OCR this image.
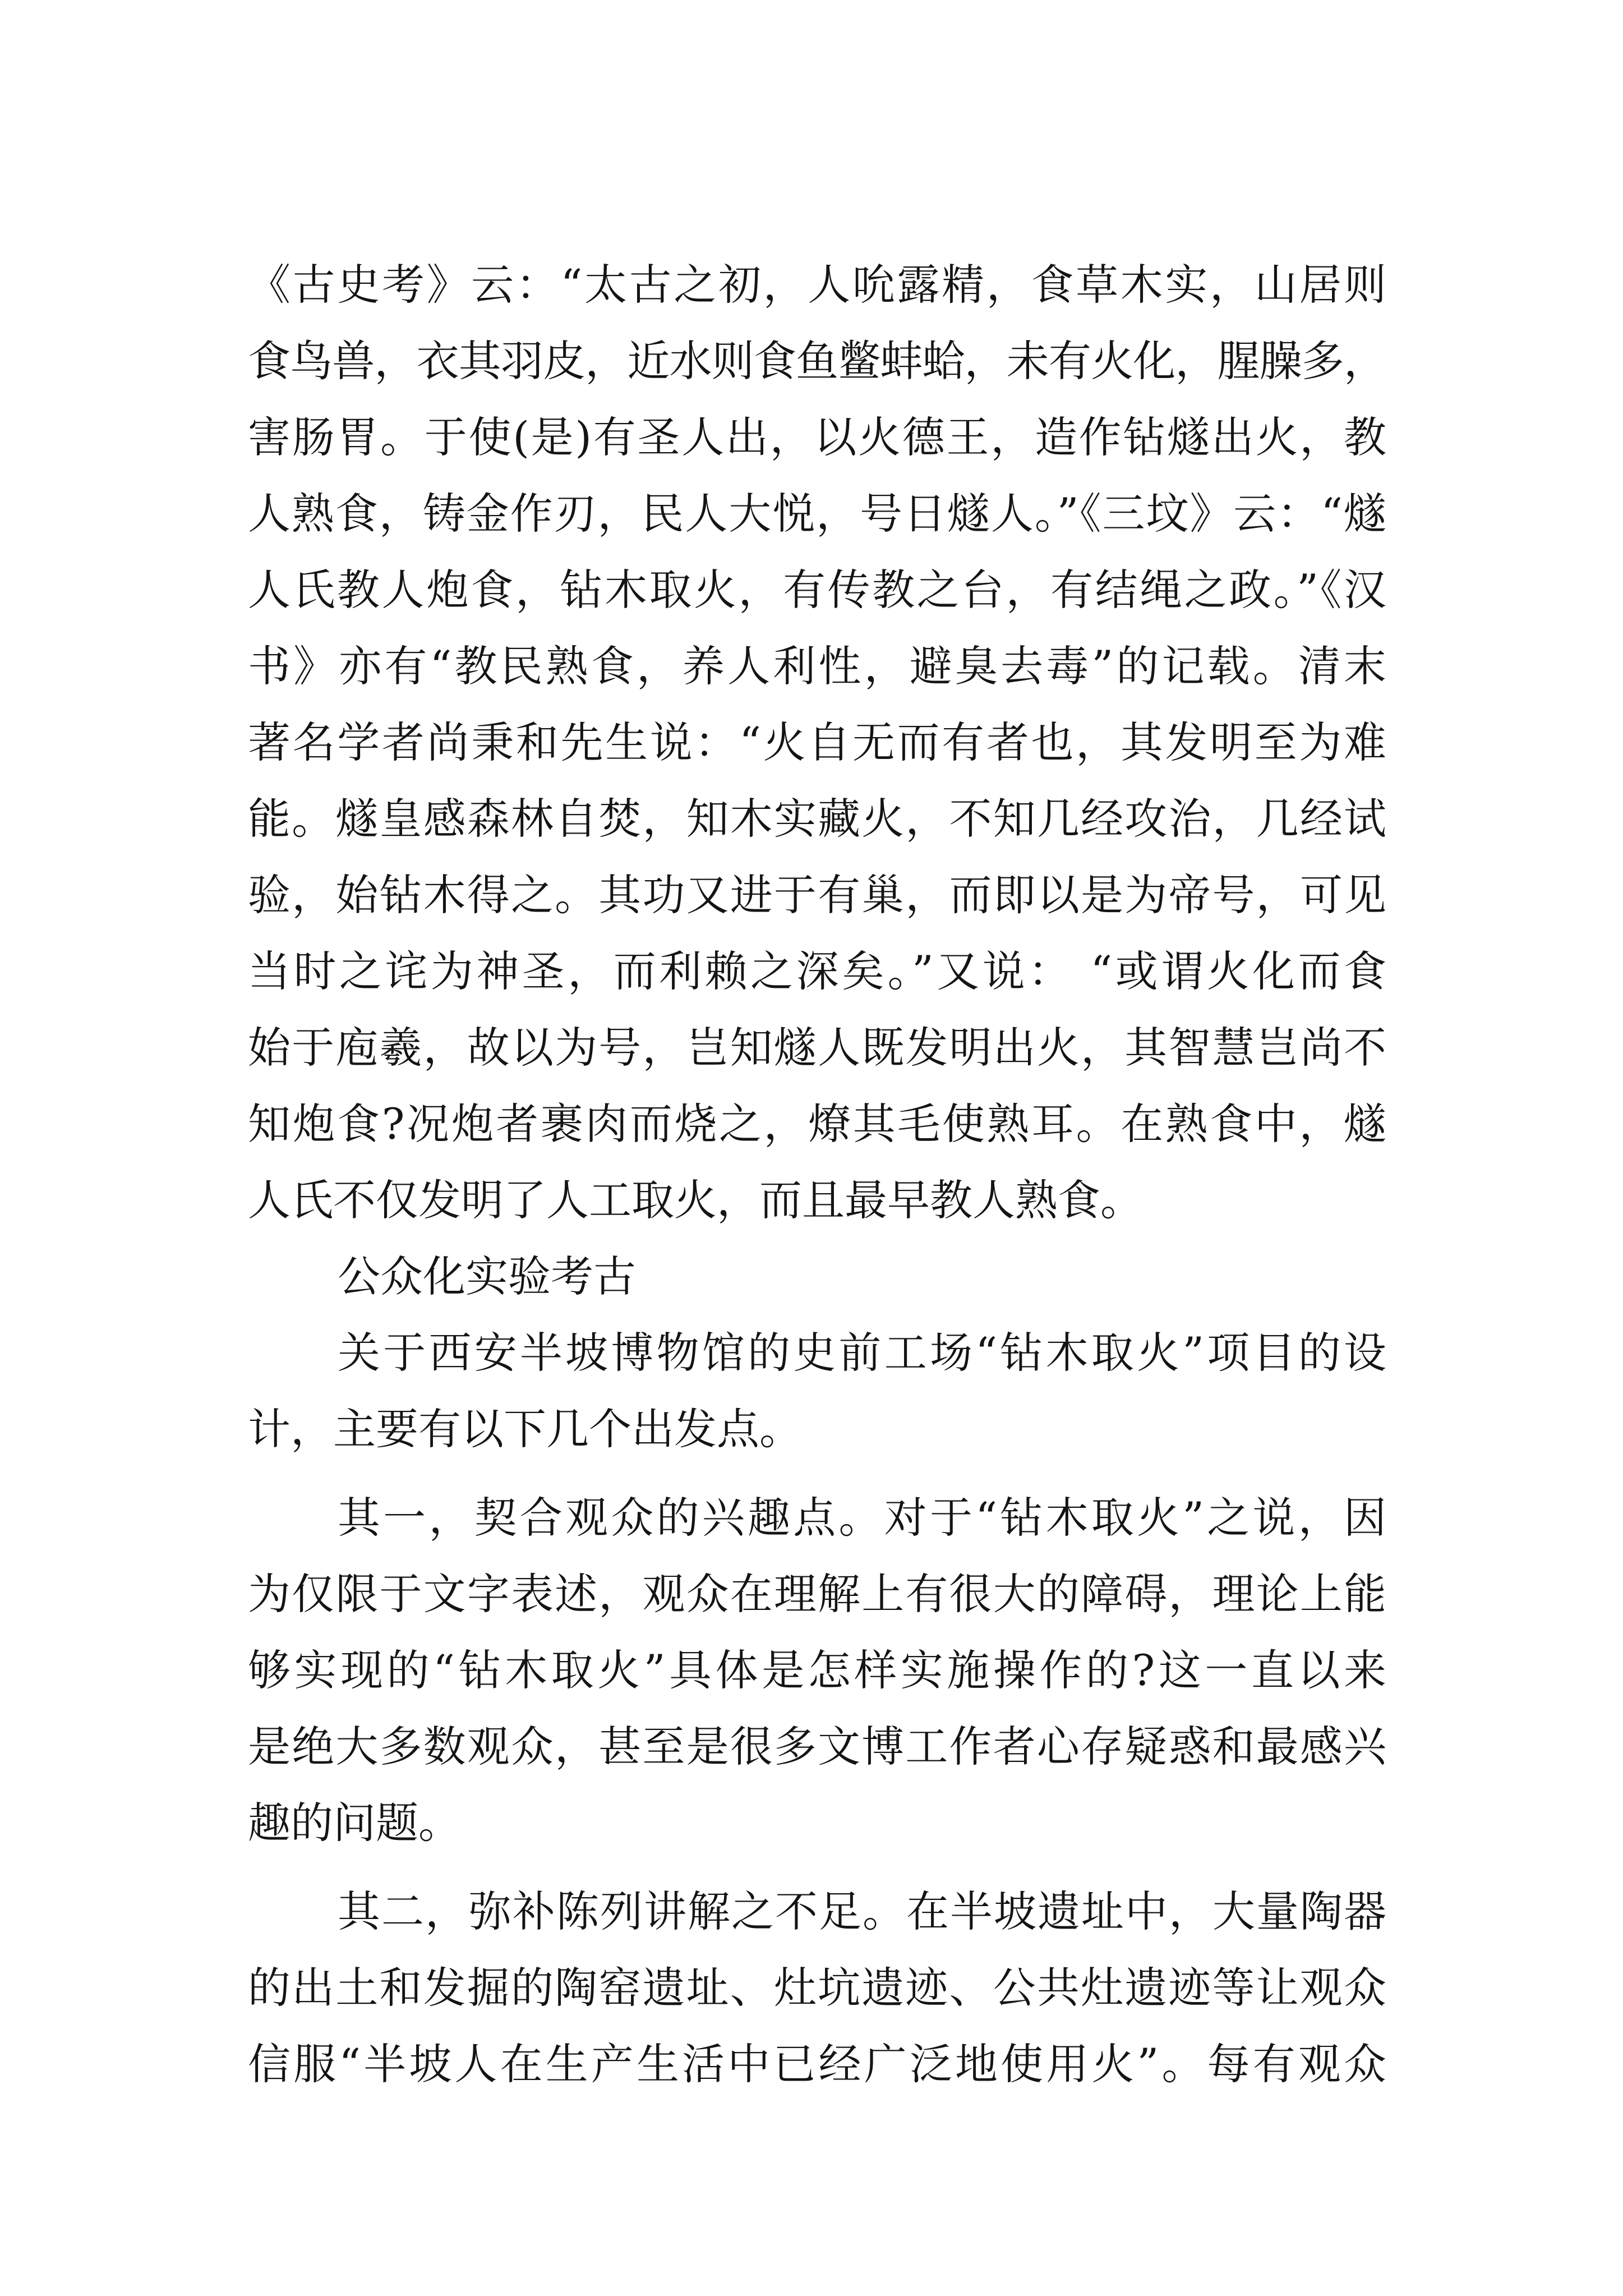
《古史考》云：“太古之初，人吮露精，食草木实，山居则
食鸟兽，衣其羽皮，近水则食鱼鳖蚌蛤，未有火化，腥臊多，
害肠胃。于使(是)有圣人出，以火德王，造作钻燧出火，教
人熟食，铸金作刃，民人大悦，号日燧人。”《三坟》云：“燧
人氏教人炮食，钻木取火，有传教之台，有结绳之政。”《汉
书》亦有“教民熟食，养人利性，避臭去毒”的记载。清末
著名学者尚秉和先生说：“火自无而有者也，其发明至为难
能。燧皇感森林自焚，知木实藏火，不知几经攻治，几经试
验，始钻木得之。其功又进于有巢，而即以是为帝号，可见
当时之诧为神圣，而利赖之深矣。”又说： “或谓火化而食
始于庖羲，故以为号，岂知燧人既发明出火，其智慧岂尚不
知炮食?况炮者裹肉而烧之，燎其毛使熟耳。在熟食中，燧
人氏不仅发明了人工取火，而且最早教人熟食。
公众化实验考古
关于西安半坡博物馆的史前工场“钻木取火”项目的设
计，主要有以下几个出发点。
其一，契合观众的兴趣点。对于“钻木取火”之说，因
为仅限于文字表述，观众在理解上有很大的障碍，理论上能
够实现的“钻木取火”具体是怎样实施操作的?这一直以来
是绝大多数观众，甚至是很多文博工作者心存疑惑和最感兴
趣的问题。
其二，弥补陈列讲解之不足。在半坡遗址中，大量陶器
的出土和发掘的陶窑遗址、灶坑遗迹、公共灶遗迹等让观众
信服“半坡人在生产生活中已经广泛地使用火”。每有观众
